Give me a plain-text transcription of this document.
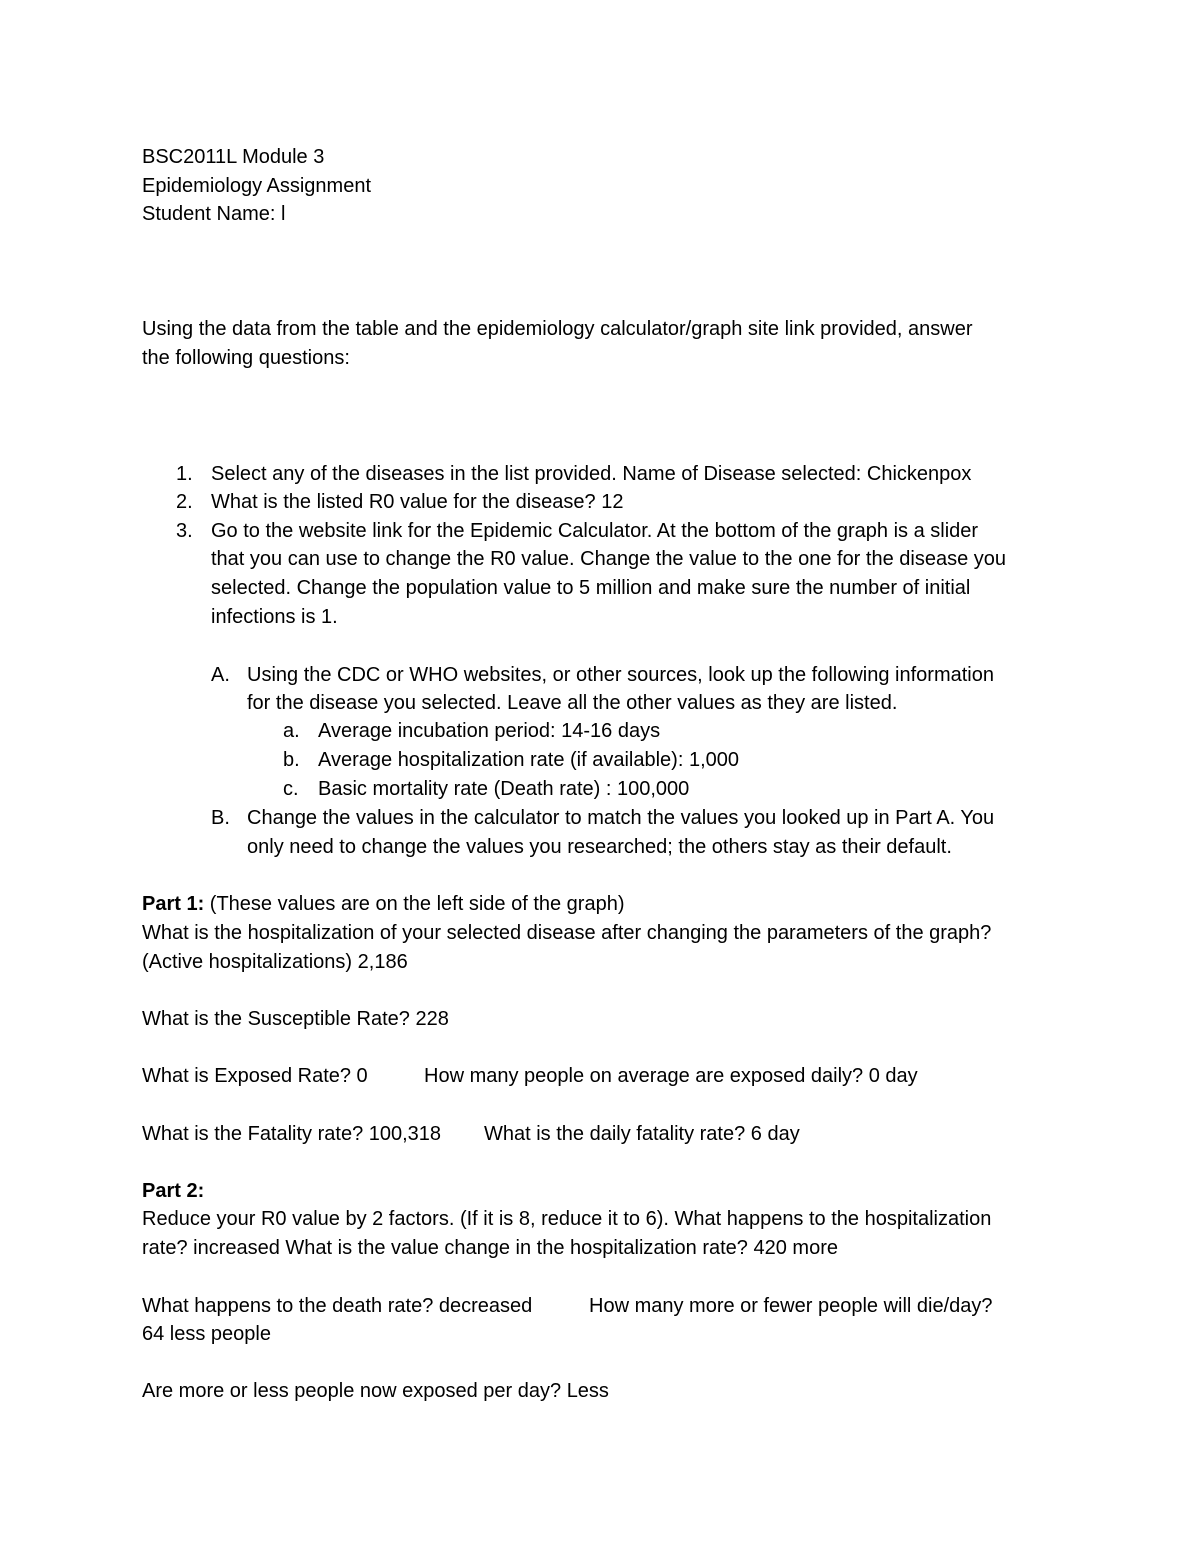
BSC2011L Module 3
Epidemiology Assignment
Student Name: l
Using the data from the table and the epidemiology calculator/graph site link provided, answer
the following questions:
1. Select any of the diseases in the list provided. Name of Disease selected: Chickenpox
2. What is the listed R0 value for the disease? 12
3. Go to the website link for the Epidemic Calculator. At the bottom of the graph is a slider
that you can use to change the R0 value. Change the value to the one for the disease you
selected. Change the population value to 5 million and make sure the number of initial
infections is 1.
A. Using the CDC or WHO websites, or other sources, look up the following information
for the disease you selected. Leave all the other values as they are listed.
a. Average incubation period: 14-16 days
b. Average hospitalization rate (if available): 1,000
c. Basic mortality rate (Death rate) : 100,000
B. Change the values in the calculator to match the values you looked up in Part A. You
only need to change the values you researched; the others stay as their default.
Part 1: (These values are on the left side of the graph)
What is the hospitalization of your selected disease after changing the parameters of the graph?
(Active hospitalizations) 2,186
What is the Susceptible Rate? 228
What is Exposed Rate? 0	How many people on average are exposed daily? 0 day
What is the Fatality rate? 100,318 What is the daily fatality rate? 6 day
Part 2:
Reduce your R0 value by 2 factors. (If it is 8, reduce it to 6). What happens to the hospitalization
rate? increased What is the value change in the hospitalization rate? 420 more
What happens to the death rate? decreased	How many more or fewer people will die/day?
64 less people
Are more or less people now exposed per day? Less
